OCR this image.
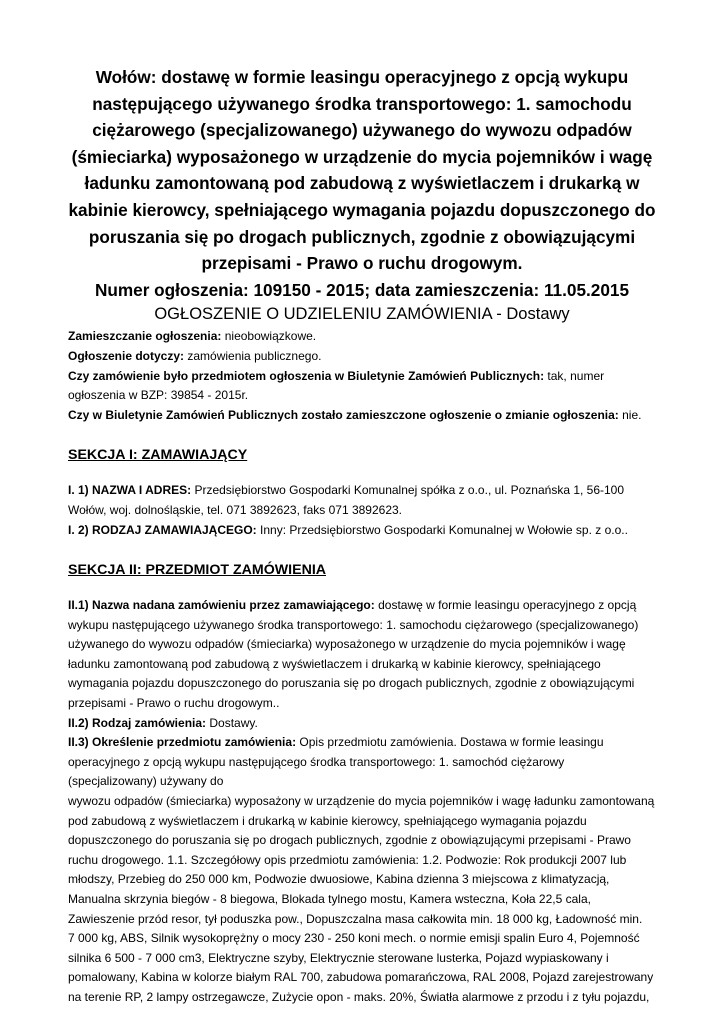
Wołów: dostawę w formie leasingu operacyjnego z opcją wykupu
następującego używanego środka transportowego: 1. samochodu
ciężarowego (specjalizowanego) używanego do wywozu odpadów
(śmieciarka) wyposażonego w urządzenie do mycia pojemników i wagę
ładunku zamontowaną pod zabudową z wyświetlaczem i drukarką w
kabinie kierowcy, spełniającego wymagania pojazdu dopuszczonego do
poruszania się po drogach publicznych, zgodnie z obowiązującymi
przepisami - Prawo o ruchu drogowym.
Numer ogłoszenia: 109150 - 2015; data zamieszczenia: 11.05.2015
OGŁOSZENIE O UDZIELENIU ZAMÓWIENIA - Dostawy

Zamieszczanie ogłoszenia: nieobowiązkowe.

Ogłoszenie dotyczy: zamówienia publicznego.

Czy zamówienie było przedmiotem ogłoszenia w Biuletynie Zamówień Publicznych: tak, numer
ogłoszenia w BZP: 39854 - 2015r.

Czy w Biuletynie Zamówień Publicznych zostało zamieszczone ogłoszenie o zmianie ogłoszenia: nie.

SEKCJA I: ZAMAWIAJĄCY

I. 1) NAZWA I ADRES: Przedsiębiorstwo Gospodarki Komunalnej spółka z o.o., ul. Poznańska 1, 56-100
Wołów, woj. dolnośląskie, tel. 071 3892623, faks 071 3892623.

I. 2) RODZAJ ZAMAWIAJĄCEGO: Inny: Przedsiębiorstwo Gospodarki Komunalnej w Wołowie sp. z o.o..

SEKCJA II: PRZEDMIOT ZAMÓWIENIA

II.1) Nazwa nadana zamówieniu przez zamawiającego: dostawę w formie leasingu operacyjnego z opcją
wykupu następującego używanego środka transportowego: 1. samochodu ciężarowego (specjalizowanego)
używanego do wywozu odpadów (śmieciarka) wyposażonego w urządzenie do mycia pojemników i wagę
ładunku zamontowaną pod zabudową z wyświetlaczem i drukarką w kabinie kierowcy, spełniającego
wymagania pojazdu dopuszczonego do poruszania się po drogach publicznych, zgodnie z obowiązującymi
przepisami - Prawo o ruchu drogowym..

II.2) Rodzaj zamówienia: Dostawy.

II.3) Określenie przedmiotu zamówienia: Opis przedmiotu zamówienia. Dostawa w formie leasingu
operacyjnego z opcją wykupu następującego środka transportowego: 1. samochód ciężarowy (specjalizowany) używany do
wywozu odpadów (śmieciarka) wyposażony w urządzenie do mycia pojemników i wagę ładunku zamontowaną
pod zabudową z wyświetlaczem i drukarką w kabinie kierowcy, spełniającego wymagania pojazdu
dopuszczonego do poruszania się po drogach publicznych, zgodnie z obowiązującymi przepisami - Prawo
ruchu drogowego. 1.1. Szczegółowy opis przedmiotu zamówienia: 1.2. Podwozie: Rok produkcji 2007 lub
młodszy, Przebieg do 250 000 km, Podwozie dwuosiowe, Kabina dzienna 3 miejscowa z klimatyzacją,
Manualna skrzynia biegów - 8 biegowa, Blokada tylnego mostu, Kamera wsteczna, Koła 22,5 cala,
Zawieszenie przód resor, tył poduszka pow., Dopuszczalna masa całkowita min. 18 000 kg, Ładowność min.
7 000 kg, ABS, Silnik wysokoprężny o mocy 230 - 250 koni mech. o normie emisji spalin Euro 4, Pojemność
silnika 6 500 - 7 000 cm3, Elektryczne szyby, Elektrycznie sterowane lusterka, Pojazd wypiaskowany i
pomalowany, Kabina w kolorze białym RAL 700, zabudowa pomarańczowa, RAL 2008, Pojazd zarejestrowany
na terenie RP, 2 lampy ostrzegawcze, Zużycie opon - maks. 20%, Światła alarmowe z przodu i z tyłu pojazdu,
